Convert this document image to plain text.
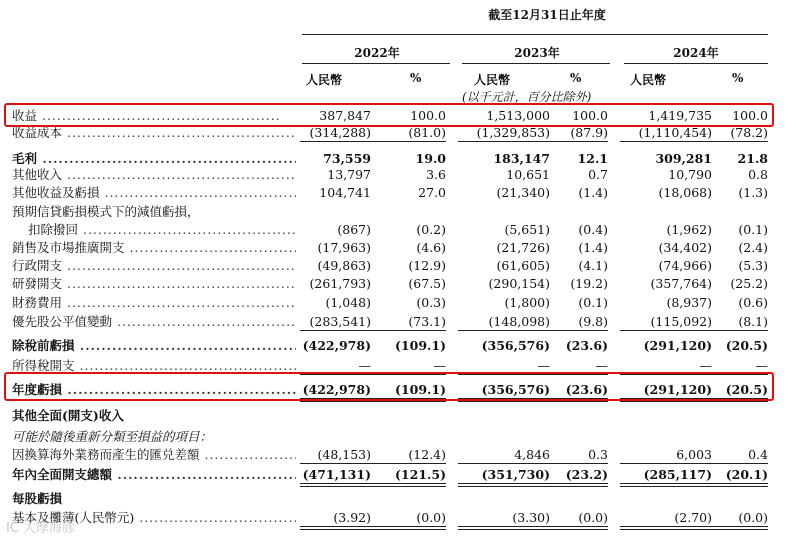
截至12月31日止年度
2022年	2023年	2024年
人民幣	%	人民幣	%	人民幣	%
(以千元計，百分比除外)
收益 .....	387,847	100.0	1,513,000	100.0	1,419,735	100.0
收益成本 .....	(314,288)	(81.0)	(1,329,853)	(87.9)	(1,110,454)	(78.2)
毛利 .....	73,559	19.0	183,147	12.1	309,281	21.8
其他收入 .....	13,797	3.6	10,651	0.7	10,790	0.8
其他收益及虧損 .....	104,741	27.0	(21,340)	(1.4)	(18,068)	(1.3)
預期信貸虧損模式下的減值虧損，
扣除撥回 .....	(867)	(0.2)	(5,651)	(0.4)	(1,962)	(0.1)
銷售及市場推廣開支 .....	(17,963)	(4.6)	(21,726)	(1.4)	(34,402)	(2.4)
行政開支 .....	(49,863)	(12.9)	(61,605)	(4.1)	(74,966)	(5.3)
研發開支 .....	(261,793)	(67.5)	(290,154)	(19.2)	(357,764)	(25.2)
財務費用 .....	(1,048)	(0.3)	(1,800)	(0.1)	(8,937)	(0.6)
優先股公平值變動 .....	(283,541)	(73.1)	(148,098)	(9.8)	(115,092)	(8.1)
除稅前虧損 .....	(422,978)	(109.1)	(356,576)	(23.6)	(291,120)	(20.5)
所得稅開支 .....	—	—	—	—	—	—
年度虧損 .....	(422,978)	(109.1)	(356,576)	(23.6)	(291,120)	(20.5)
其他全面(開支)收入
可能於隨後重新分類至損益的項目：
因換算海外業務而產生的匯兑差額 .....	(48,153)	(12.4)	4,846	0.3	6,003	0.4
年內全面開支總額 .....	(471,131)	(121.5)	(351,730)	(23.2)	(285,117)	(20.1)
每股虧損
基本及攤薄(人民幣元) .....	(3.92)	(0.0)	(3.30)	(0.0)	(2.70)	(0.0)
IC 大摩海豚
